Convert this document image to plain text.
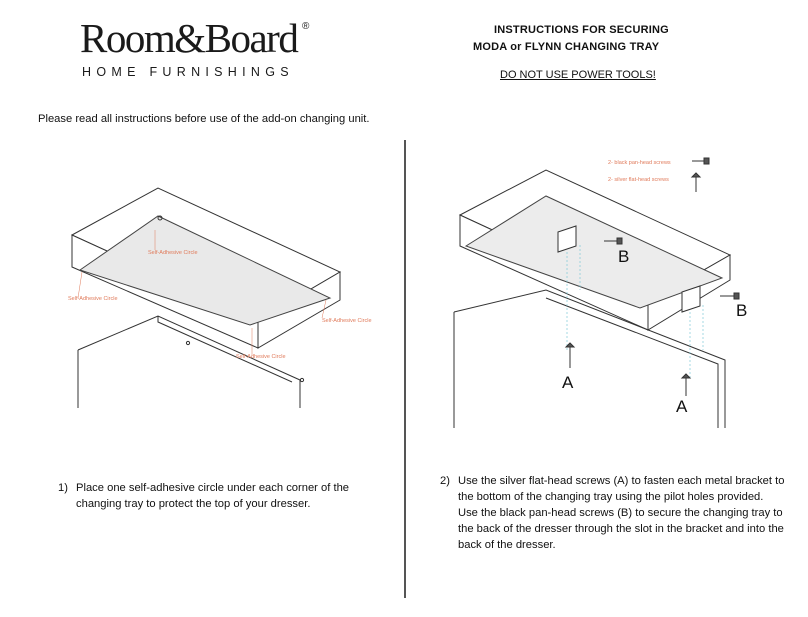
Room&Board ®
HOME FURNISHINGS
INSTRUCTIONS FOR SECURING
MODA or FLYNN CHANGING TRAY
DO NOT USE POWER TOOLS!
Please read all instructions before use of the add-on changing unit.
Self-Adhesive Circle
Self-Adhesive Circle
Self-Adhesive Circle
Self-Adhesive Circle
2- black pan-head screws
2- silver flat-head screws
B
B
A
A
1) Place one self-adhesive circle under each corner of the changing tray to protect the top of your dresser.
2) Use the silver flat-head screws (A) to fasten each metal bracket to the bottom of the changing tray using the pilot holes provided. Use the black pan-head screws (B) to secure the changing tray to the back of the dresser through the slot in the bracket and into the back of the dresser.
